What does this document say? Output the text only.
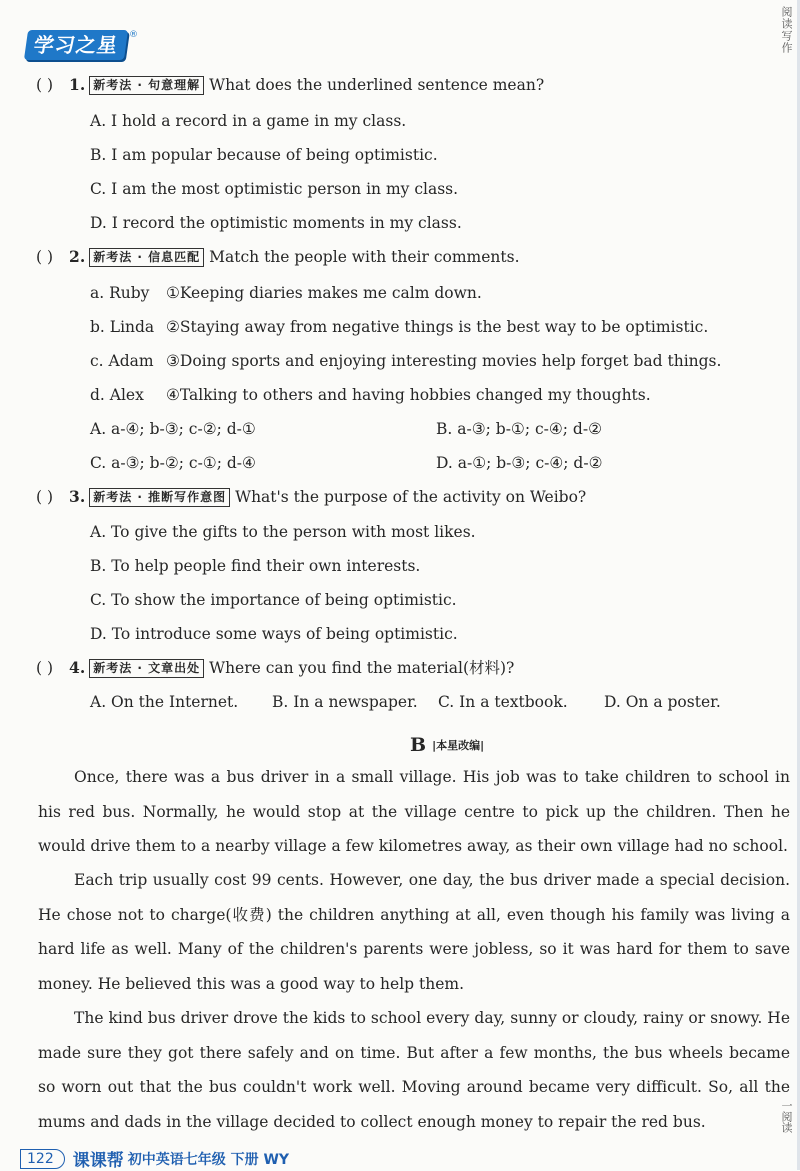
学习之星	®	阅读写作
一阅读
( ) 1. 新考法 · 句意理解 What does the underlined sentence mean?
A. I hold a record in a game in my class.
B. I am popular because of being optimistic.
C. I am the most optimistic person in my class.
D. I record the optimistic moments in my class.
( ) 2. 新考法 · 信息匹配 Match the people with their comments.
a. Ruby ①Keeping diaries makes me calm down.
b. Linda ②Staying away from negative things is the best way to be optimistic.
c. Adam ③Doing sports and enjoying interesting movies help forget bad things.
d. Alex ④Talking to others and having hobbies changed my thoughts.
A. a-④; b-③; c-②; d-①	B. a-③; b-①; c-④; d-②
C. a-③; b-②; c-①; d-④	D. a-①; b-③; c-④; d-②
( ) 3. 新考法 · 推断写作意图 What's the purpose of the activity on Weibo?
A. To give the gifts to the person with most likes.
B. To help people find their own interests.
C. To show the importance of being optimistic.
D. To introduce some ways of being optimistic.
( ) 4. 新考法 · 文章出处 Where can you find the material(材料)?
A. On the Internet. B. In a newspaper. C. In a textbook. D. On a poster.
B |本星改编|

Once, there was a bus driver in a small village. His job was to take children to school in his red bus. Normally, he would stop at the village centre to pick up the children. Then he would drive them to a nearby village a few kilometres away, as their own village had no school.

Each trip usually cost 99 cents. However, one day, the bus driver made a special decision. He chose not to charge(收费) the children anything at all, even though his family was living a hard life as well. Many of the children's parents were jobless, so it was hard for them to save money. He believed this was a good way to help them.

The kind bus driver drove the kids to school every day, sunny or cloudy, rainy or snowy. He made sure they got there safely and on time. But after a few months, the bus wheels became so worn out that the bus couldn't work well. Moving around became very difficult. So, all the mums and dads in the village decided to collect enough money to repair the red bus.

122	课课帮 初中英语七年级 下册 WY
